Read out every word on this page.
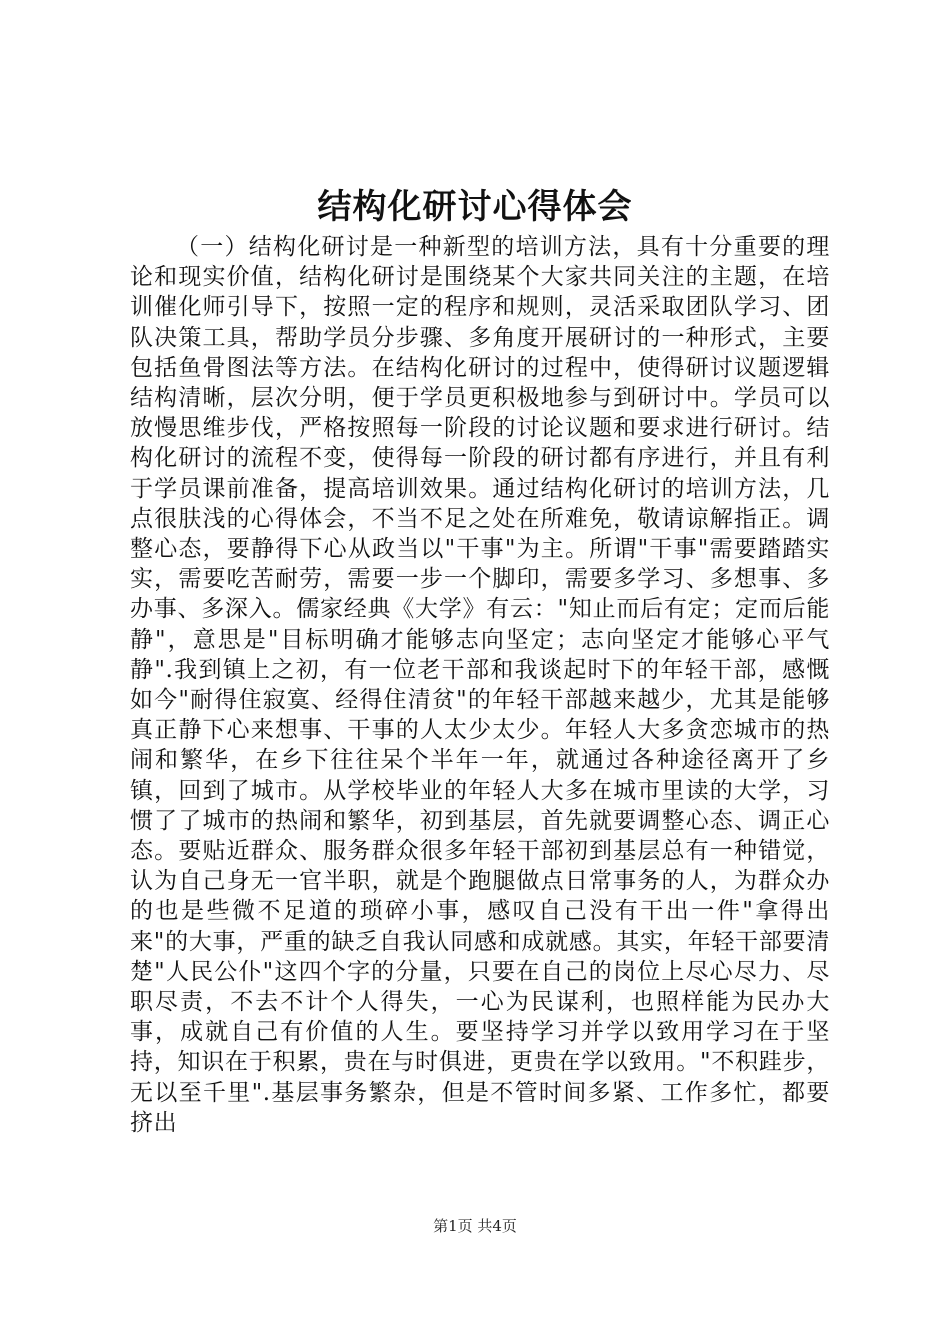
结构化研讨心得体会

（一）结构化研讨是一种新型的培训方法，具有十分重要的理论和现实价值，结构化研讨是围绕某个大家共同关注的主题，在培训催化师引导下，按照一定的程序和规则，灵活采取团队学习、团队决策工具，帮助学员分步骤、多角度开展研讨的一种形式，主要包括鱼骨图法等方法。在结构化研讨的过程中，使得研讨议题逻辑结构清晰，层次分明，便于学员更积极地参与到研讨中。学员可以放慢思维步伐，严格按照每一阶段的讨论议题和要求进行研讨。结构化研讨的流程不变，使得每一阶段的研讨都有序进行，并且有利于学员课前准备，提高培训效果。通过结构化研讨的培训方法，几点很肤浅的心得体会，不当不足之处在所难免，敬请谅解指正。调整心态，要静得下心从政当以"干事"为主。所谓"干事"需要踏踏实实，需要吃苦耐劳，需要一步一个脚印，需要多学习、多想事、多办事、多深入。儒家经典《大学》有云："知止而后有定；定而后能静"，意思是"目标明确才能够志向坚定；志向坚定才能够心平气静".我到镇上之初，有一位老干部和我谈起时下的年轻干部，感慨如今"耐得住寂寞、经得住清贫"的年轻干部越来越少，尤其是能够真正静下心来想事、干事的人太少太少。年轻人大多贪恋城市的热闹和繁华，在乡下往往呆个半年一年，就通过各种途径离开了乡镇，回到了城市。从学校毕业的年轻人大多在城市里读的大学，习惯了了城市的热闹和繁华，初到基层，首先就要调整心态、调正心态。要贴近群众、服务群众很多年轻干部初到基层总有一种错觉，认为自己身无一官半职，就是个跑腿做点日常事务的人，为群众办的也是些微不足道的琐碎小事，感叹自己没有干出一件"拿得出来"的大事，严重的缺乏自我认同感和成就感。其实，年轻干部要清楚"人民公仆"这四个字的分量，只要在自己的岗位上尽心尽力、尽职尽责，不去不计个人得失，一心为民谋利，也照样能为民办大事，成就自己有价值的人生。要坚持学习并学以致用学习在于坚持，知识在于积累，贵在与时俱进，更贵在学以致用。"不积跬步，无以至千里".基层事务繁杂，但是不管时间多紧、工作多忙，都要挤出

第1页 共4页
